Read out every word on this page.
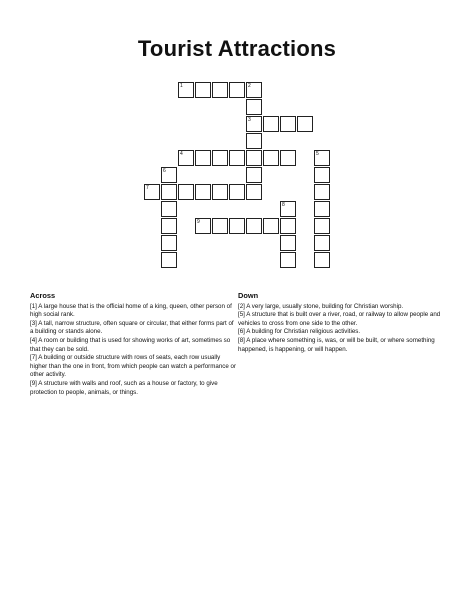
Tourist Attractions
1	2
3
4	5
6
7
8
9
Across
[1] A large house that is the official home of a king, queen, other person of high social rank.
[3] A tall, narrow structure, often square or circular, that either forms part of a building or stands alone.
[4] A room or building that is used for showing works of art, sometimes so that they can be sold.
[7] A building or outside structure with rows of seats, each row usually higher than the one in front, from which people can watch a performance or other activity.
[9] A structure with walls and roof, such as a house or factory, to give protection to people, animals, or things.
Down
[2] A very large, usually stone, building for Christian worship.
[5] A structure that is built over a river, road, or railway to allow people and vehicles to cross from one side to the other.
[6] A building for Christian religious activities.
[8] A place where something is, was, or will be built, or where something happened, is happening, or will happen.
